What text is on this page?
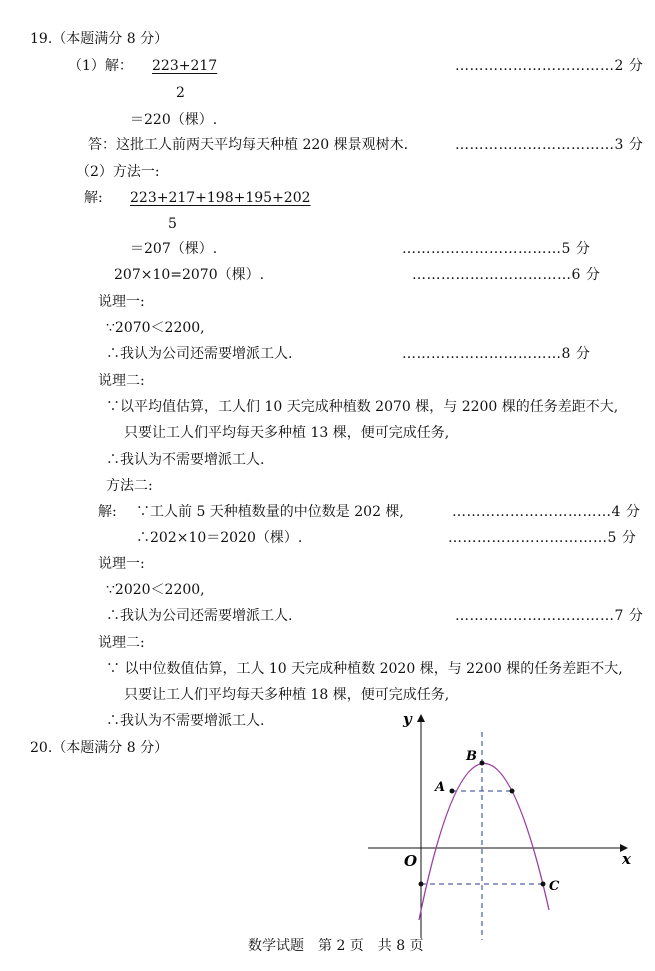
19.（本题满分 8 分）
（1）解： 223+217	……………………………2 分
2
＝220（棵）.
答：这批工人前两天平均每天种植 220 棵景观树木.	……………………………3 分
（2）方法一:
解: 223+217+198+195+202
5
＝207（棵）.	……………………………5 分
207×10=2070（棵）.	……………………………6 分
说理一:
∵2070＜2200,
∴我认为公司还需要增派工人.	……………………………8 分
说理二:
∵以平均值估算，工人们 10 天完成种植数 2070 棵，与 2200 棵的任务差距不大,
只要让工人们平均每天多种植 13 棵，便可完成任务,
∴我认为不需要增派工人.
方法二:
解: ∵工人前 5 天种植数量的中位数是 202 棵,	……………………………4 分
∴202×10＝2020（棵）.	……………………………5 分
说理一:
∵2020＜2200,
∴我认为公司还需要增派工人.	……………………………7 分
说理二:
∵ 以中位数值估算，工人 10 天完成种植数 2020 棵，与 2200 棵的任务差距不大,
只要让工人们平均每天多种植 18 棵，便可完成任务,
∴我认为不需要增派工人.
20.（本题满分 8 分）
y
x
O
A
B
C
数学试题　第 2 页　共 8 页
